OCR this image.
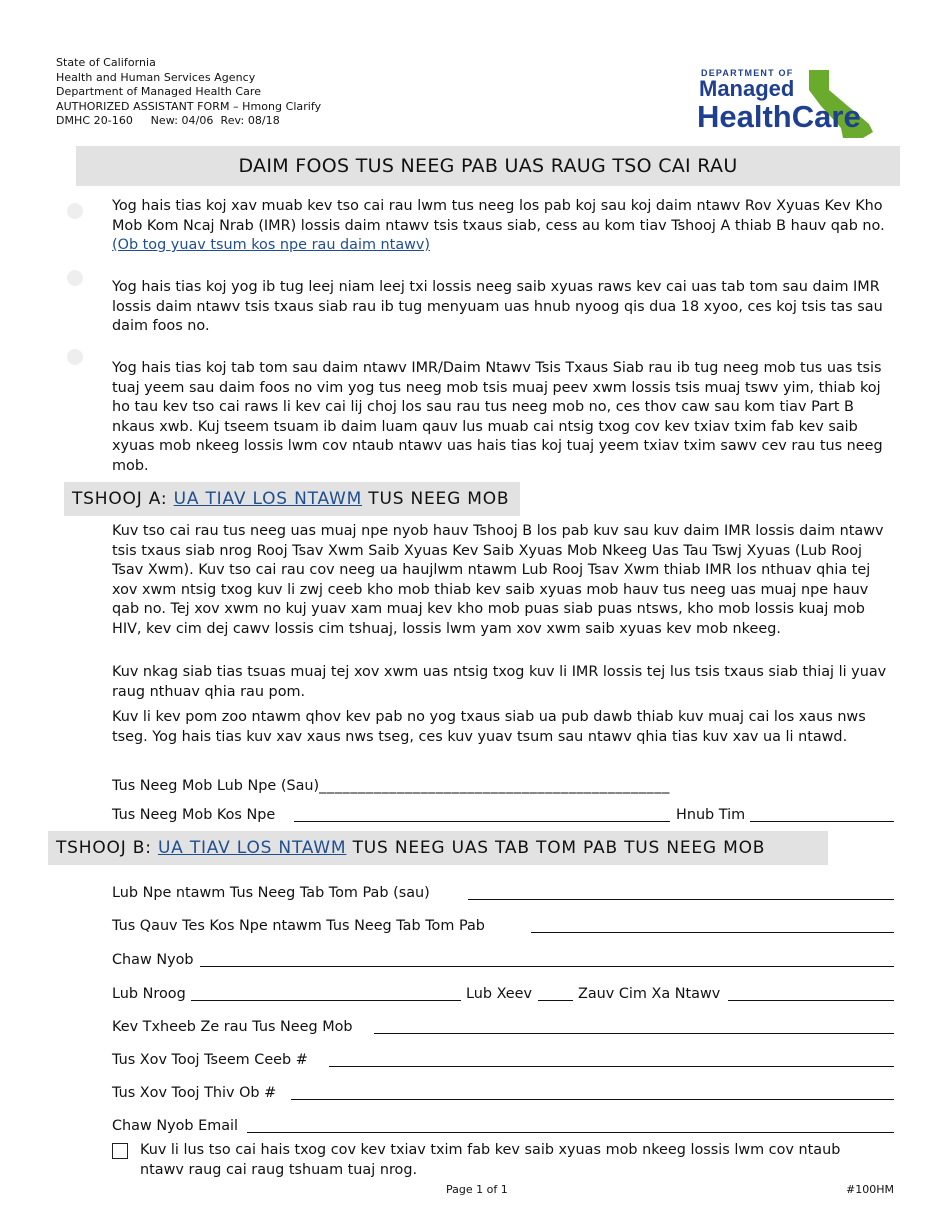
State of California
Health and Human Services Agency
Department of Managed Health Care
AUTHORIZED ASSISTANT FORM – Hmong Clarify
DMHC 20-160     New: 04/06  Rev: 08/18
DEPARTMENT OF
Managed
HealthCare
DAIM FOOS TUS NEEG PAB UAS RAUG TSO CAI RAU
Yog hais tias koj xav muab kev tso cai rau lwm tus neeg los pab koj sau koj daim ntawv Rov Xyuas Kev Kho Mob Kom Ncaj Nrab (IMR) lossis daim ntawv tsis txaus siab, cess au kom tiav Tshooj A thiab B hauv qab no. (Ob tog yuav tsum kos npe rau daim ntawv)
Yog hais tias koj yog ib tug leej niam leej txi lossis neeg saib xyuas raws kev cai uas tab tom sau daim IMR lossis daim ntawv tsis txaus siab rau ib tug menyuam uas hnub nyoog qis dua 18 xyoo, ces koj tsis tas sau daim foos no.
Yog hais tias koj tab tom sau daim ntawv IMR/Daim Ntawv Tsis Txaus Siab rau ib tug neeg mob tus uas tsis tuaj yeem sau daim foos no vim yog tus neeg mob tsis muaj peev xwm lossis tsis muaj tswv yim, thiab koj ho tau kev tso cai raws li kev cai lij choj los sau rau tus neeg mob no, ces thov caw sau kom tiav Part B nkaus xwb. Kuj tseem tsuam ib daim luam qauv lus muab cai ntsig txog cov kev txiav txim fab kev saib xyuas mob nkeeg lossis lwm cov ntaub ntawv uas hais tias koj tuaj yeem txiav txim sawv cev rau tus neeg mob.
TSHOOJ A: UA TIAV LOS NTAWM TUS NEEG MOB
Kuv tso cai rau tus neeg uas muaj npe nyob hauv Tshooj B los pab kuv sau kuv daim IMR lossis daim ntawv tsis txaus siab nrog Rooj Tsav Xwm Saib Xyuas Kev Saib Xyuas Mob Nkeeg Uas Tau Tswj Xyuas (Lub Rooj Tsav Xwm). Kuv tso cai rau cov neeg ua haujlwm ntawm Lub Rooj Tsav Xwm thiab IMR los nthuav qhia tej xov xwm ntsig txog kuv li zwj ceeb kho mob thiab kev saib xyuas mob hauv tus neeg uas muaj npe hauv qab no. Tej xov xwm no kuj yuav xam muaj kev kho mob puas siab puas ntsws, kho mob lossis kuaj mob HIV, kev cim dej cawv lossis cim tshuaj, lossis lwm yam xov xwm saib xyuas kev mob nkeeg.
Kuv nkag siab tias tsuas muaj tej xov xwm uas ntsig txog kuv li IMR lossis tej lus tsis txaus siab thiaj li yuav raug nthuav qhia rau pom.
Kuv li kev pom zoo ntawm qhov kev pab no yog txaus siab ua pub dawb thiab kuv muaj cai los xaus nws tseg. Yog hais tias kuv xav xaus nws tseg, ces kuv yuav tsum sau ntawv qhia tias kuv xav ua li ntawd.
Tus Neeg Mob Lub Npe (Sau)_____________________________________________
Tus Neeg Mob Kos Npe	Hnub Tim
TSHOOJ B: UA TIAV LOS NTAWM TUS NEEG UAS TAB TOM PAB TUS NEEG MOB
Lub Npe ntawm Tus Neeg Tab Tom Pab (sau)
Tus Qauv Tes Kos Npe ntawm Tus Neeg Tab Tom Pab
Chaw Nyob
Lub Nroog	Lub Xeev	Zauv Cim Xa Ntawv
Kev Txheeb Ze rau Tus Neeg Mob
Tus Xov Tooj Tseem Ceeb #
Tus Xov Tooj Thiv Ob #
Chaw Nyob Email
Kuv li lus tso cai hais txog cov kev txiav txim fab kev saib xyuas mob nkeeg lossis lwm cov ntaub ntawv raug cai raug tshuam tuaj nrog.
Page 1 of 1	#100HM
